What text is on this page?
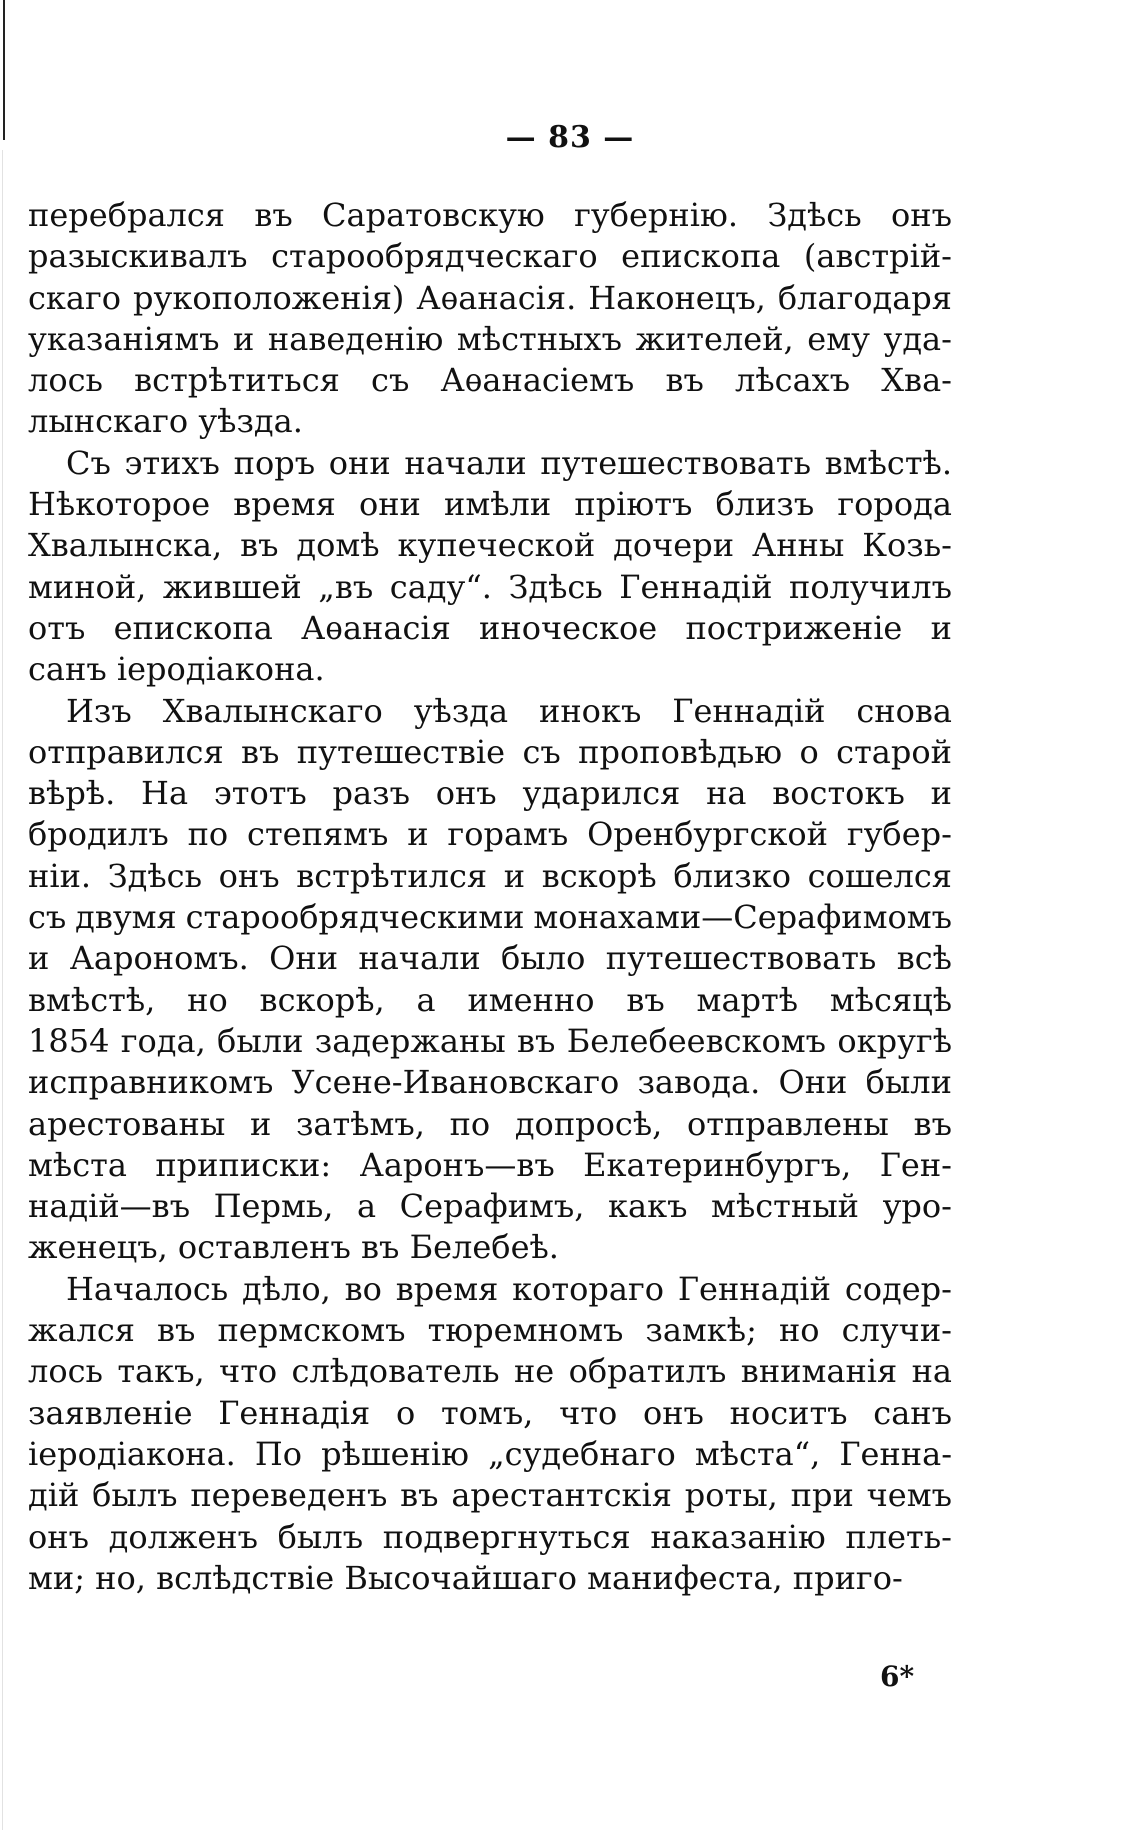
— 83 —
перебрался въ Саратовскую губернію. Здѣсь онъ
разыскивалъ старообрядческаго епископа (австрій-
скаго рукоположенія) Аѳанасія. Наконецъ, благодаря
указаніямъ и наведенію мѣстныхъ жителей, ему уда-
лось встрѣтиться съ Аѳанасіемъ въ лѣсахъ Хва-
лынскаго уѣзда.
Съ этихъ поръ они начали путешествовать вмѣстѣ.
Нѣкоторое время они имѣли пріютъ близъ города
Хвалынска, въ домѣ купеческой дочери Анны Козь-
миной, жившей „въ саду“. Здѣсь Геннадій получилъ
отъ епископа Аѳанасія иноческое постриженіе и
санъ іеродіакона.
Изъ Хвалынскаго уѣзда инокъ Геннадій снова
отправился въ путешествіе съ проповѣдью о старой
вѣрѣ. На этотъ разъ онъ ударился на востокъ и
бродилъ по степямъ и горамъ Оренбургской губер-
ніи. Здѣсь онъ встрѣтился и вскорѣ близко сошелся
съ двумя старообрядческими монахами—Серафимомъ
и Аарономъ. Они начали было путешествовать всѣ
вмѣстѣ, но вскорѣ, а именно въ мартѣ мѣсяцѣ
1854 года, были задержаны въ Белебеевскомъ округѣ
исправникомъ Усене-Ивановскаго завода. Они были
арестованы и затѣмъ, по допросѣ, отправлены въ
мѣста приписки: Ааронъ—въ Екатеринбургъ, Ген-
надій—въ Пермь, а Серафимъ, какъ мѣстный уро-
женецъ, оставленъ въ Белебеѣ.
Началось дѣло, во время котораго Геннадій содер-
жался въ пермскомъ тюремномъ замкѣ; но случи-
лось такъ, что слѣдователь не обратилъ вниманія на
заявленіе Геннадія о томъ, что онъ носитъ санъ
іеродіакона. По рѣшенію „судебнаго мѣста“, Генна-
дій былъ переведенъ въ арестантскія роты, при чемъ
онъ долженъ былъ подвергнуться наказанію плеть-
ми; но, вслѣдствіе Высочайшаго манифеста, приго-
6*
